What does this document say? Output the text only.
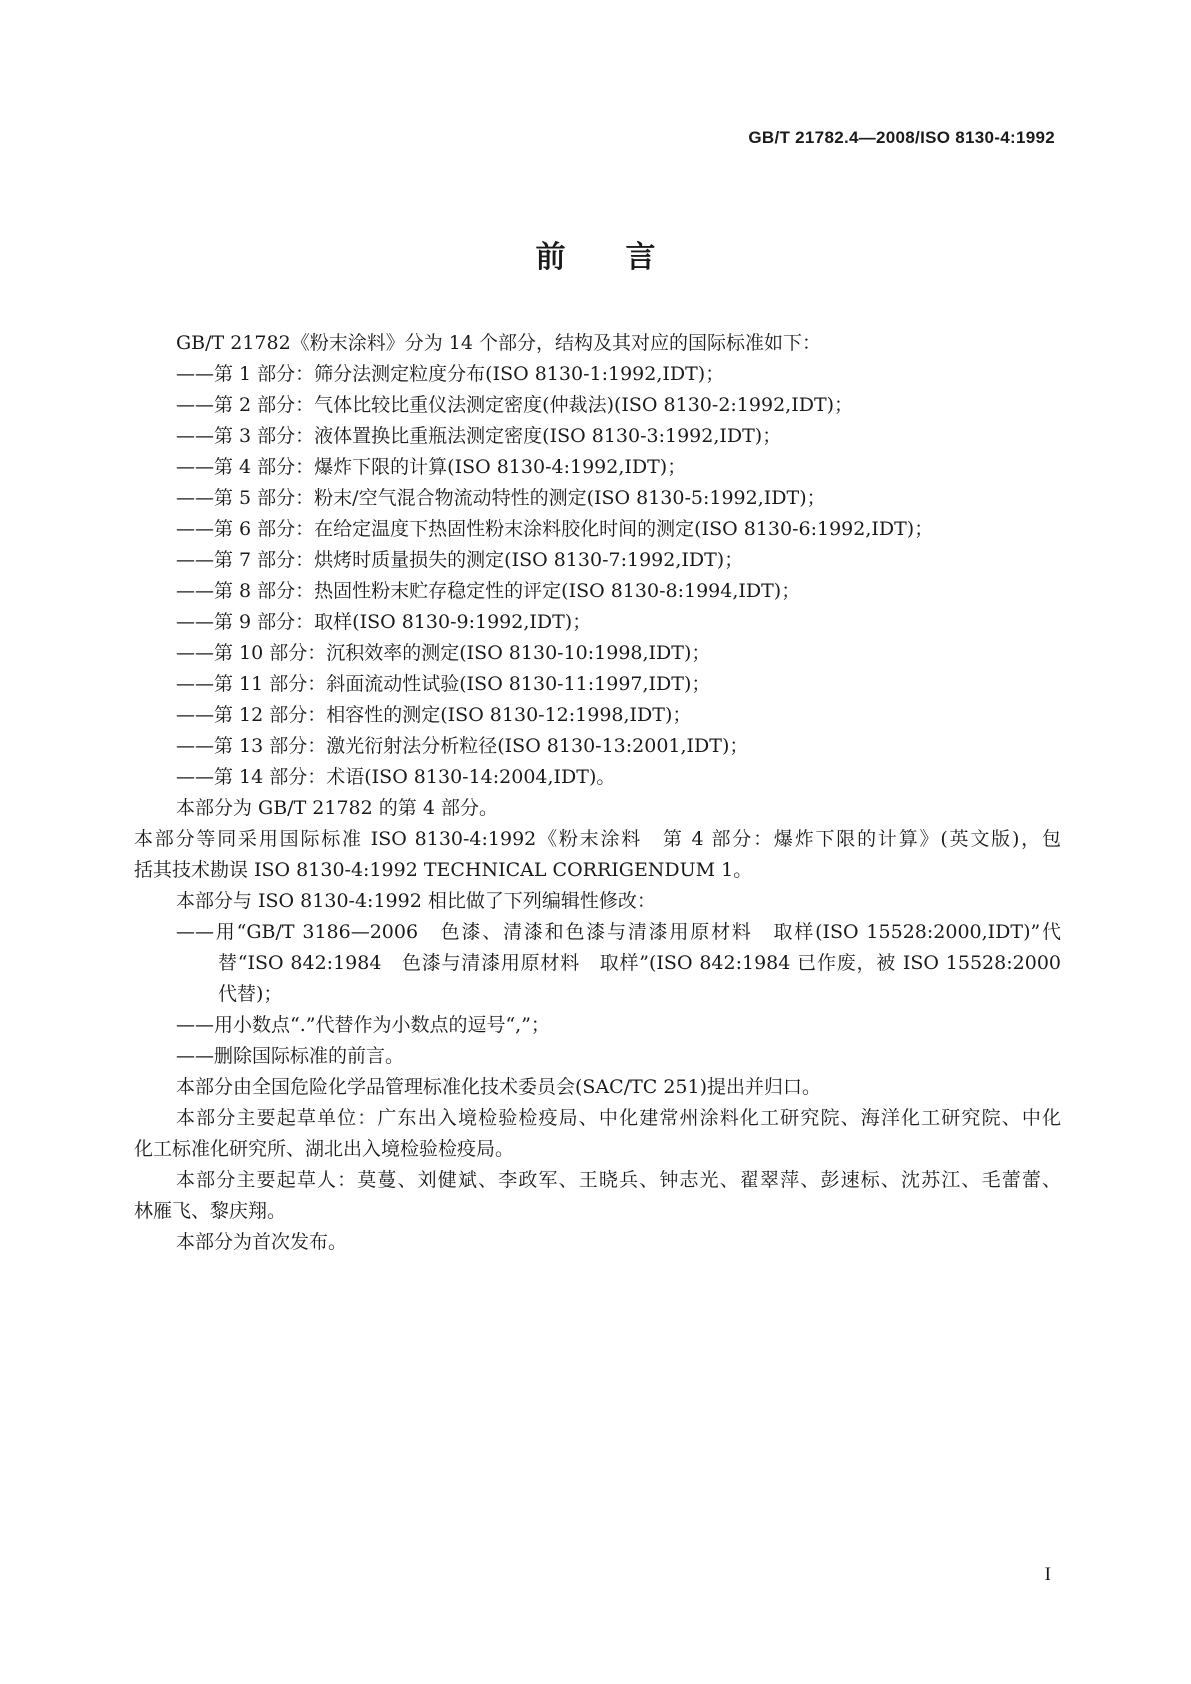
GB/T 21782.4—2008/ISO 8130-4:1992
前言
GB/T 21782《粉末涂料》分为 14 个部分，结构及其对应的国际标准如下：
——第 1 部分：筛分法测定粒度分布(ISO 8130-1:1992,IDT)；
——第 2 部分：气体比较比重仪法测定密度(仲裁法)(ISO 8130-2:1992,IDT)；
——第 3 部分：液体置换比重瓶法测定密度(ISO 8130-3:1992,IDT)；
——第 4 部分：爆炸下限的计算(ISO 8130-4:1992,IDT)；
——第 5 部分：粉末/空气混合物流动特性的测定(ISO 8130-5:1992,IDT)；
——第 6 部分：在给定温度下热固性粉末涂料胶化时间的测定(ISO 8130-6:1992,IDT)；
——第 7 部分：烘烤时质量损失的测定(ISO 8130-7:1992,IDT)；
——第 8 部分：热固性粉末贮存稳定性的评定(ISO 8130-8:1994,IDT)；
——第 9 部分：取样(ISO 8130-9:1992,IDT)；
——第 10 部分：沉积效率的测定(ISO 8130-10:1998,IDT)；
——第 11 部分：斜面流动性试验(ISO 8130-11:1997,IDT)；
——第 12 部分：相容性的测定(ISO 8130-12:1998,IDT)；
——第 13 部分：激光衍射法分析粒径(ISO 8130-13:2001,IDT)；
——第 14 部分：术语(ISO 8130-14:2004,IDT)。
本部分为 GB/T 21782 的第 4 部分。
本部分等同采用国际标准 ISO 8130-4:1992《粉末涂料　第 4 部分：爆炸下限的计算》(英文版)，包
括其技术勘误 ISO 8130-4:1992 TECHNICAL CORRIGENDUM 1。
本部分与 ISO 8130-4:1992 相比做了下列编辑性修改：
——用“GB/T 3186—2006　色漆、清漆和色漆与清漆用原材料　取样(ISO 15528:2000,IDT)”代
替“ISO 842:1984　色漆与清漆用原材料　取样”(ISO 842:1984 已作废，被 ISO 15528:2000
代替)；
——用小数点“.”代替作为小数点的逗号“,”；
——删除国际标准的前言。
本部分由全国危险化学品管理标准化技术委员会(SAC/TC 251)提出并归口。
本部分主要起草单位：广东出入境检验检疫局、中化建常州涂料化工研究院、海洋化工研究院、中化
化工标准化研究所、湖北出入境检验检疫局。
本部分主要起草人：莫蔓、刘健斌、李政军、王晓兵、钟志光、翟翠萍、彭速标、沈苏江、毛蕾蕾、
林雁飞、黎庆翔。
本部分为首次发布。
I
